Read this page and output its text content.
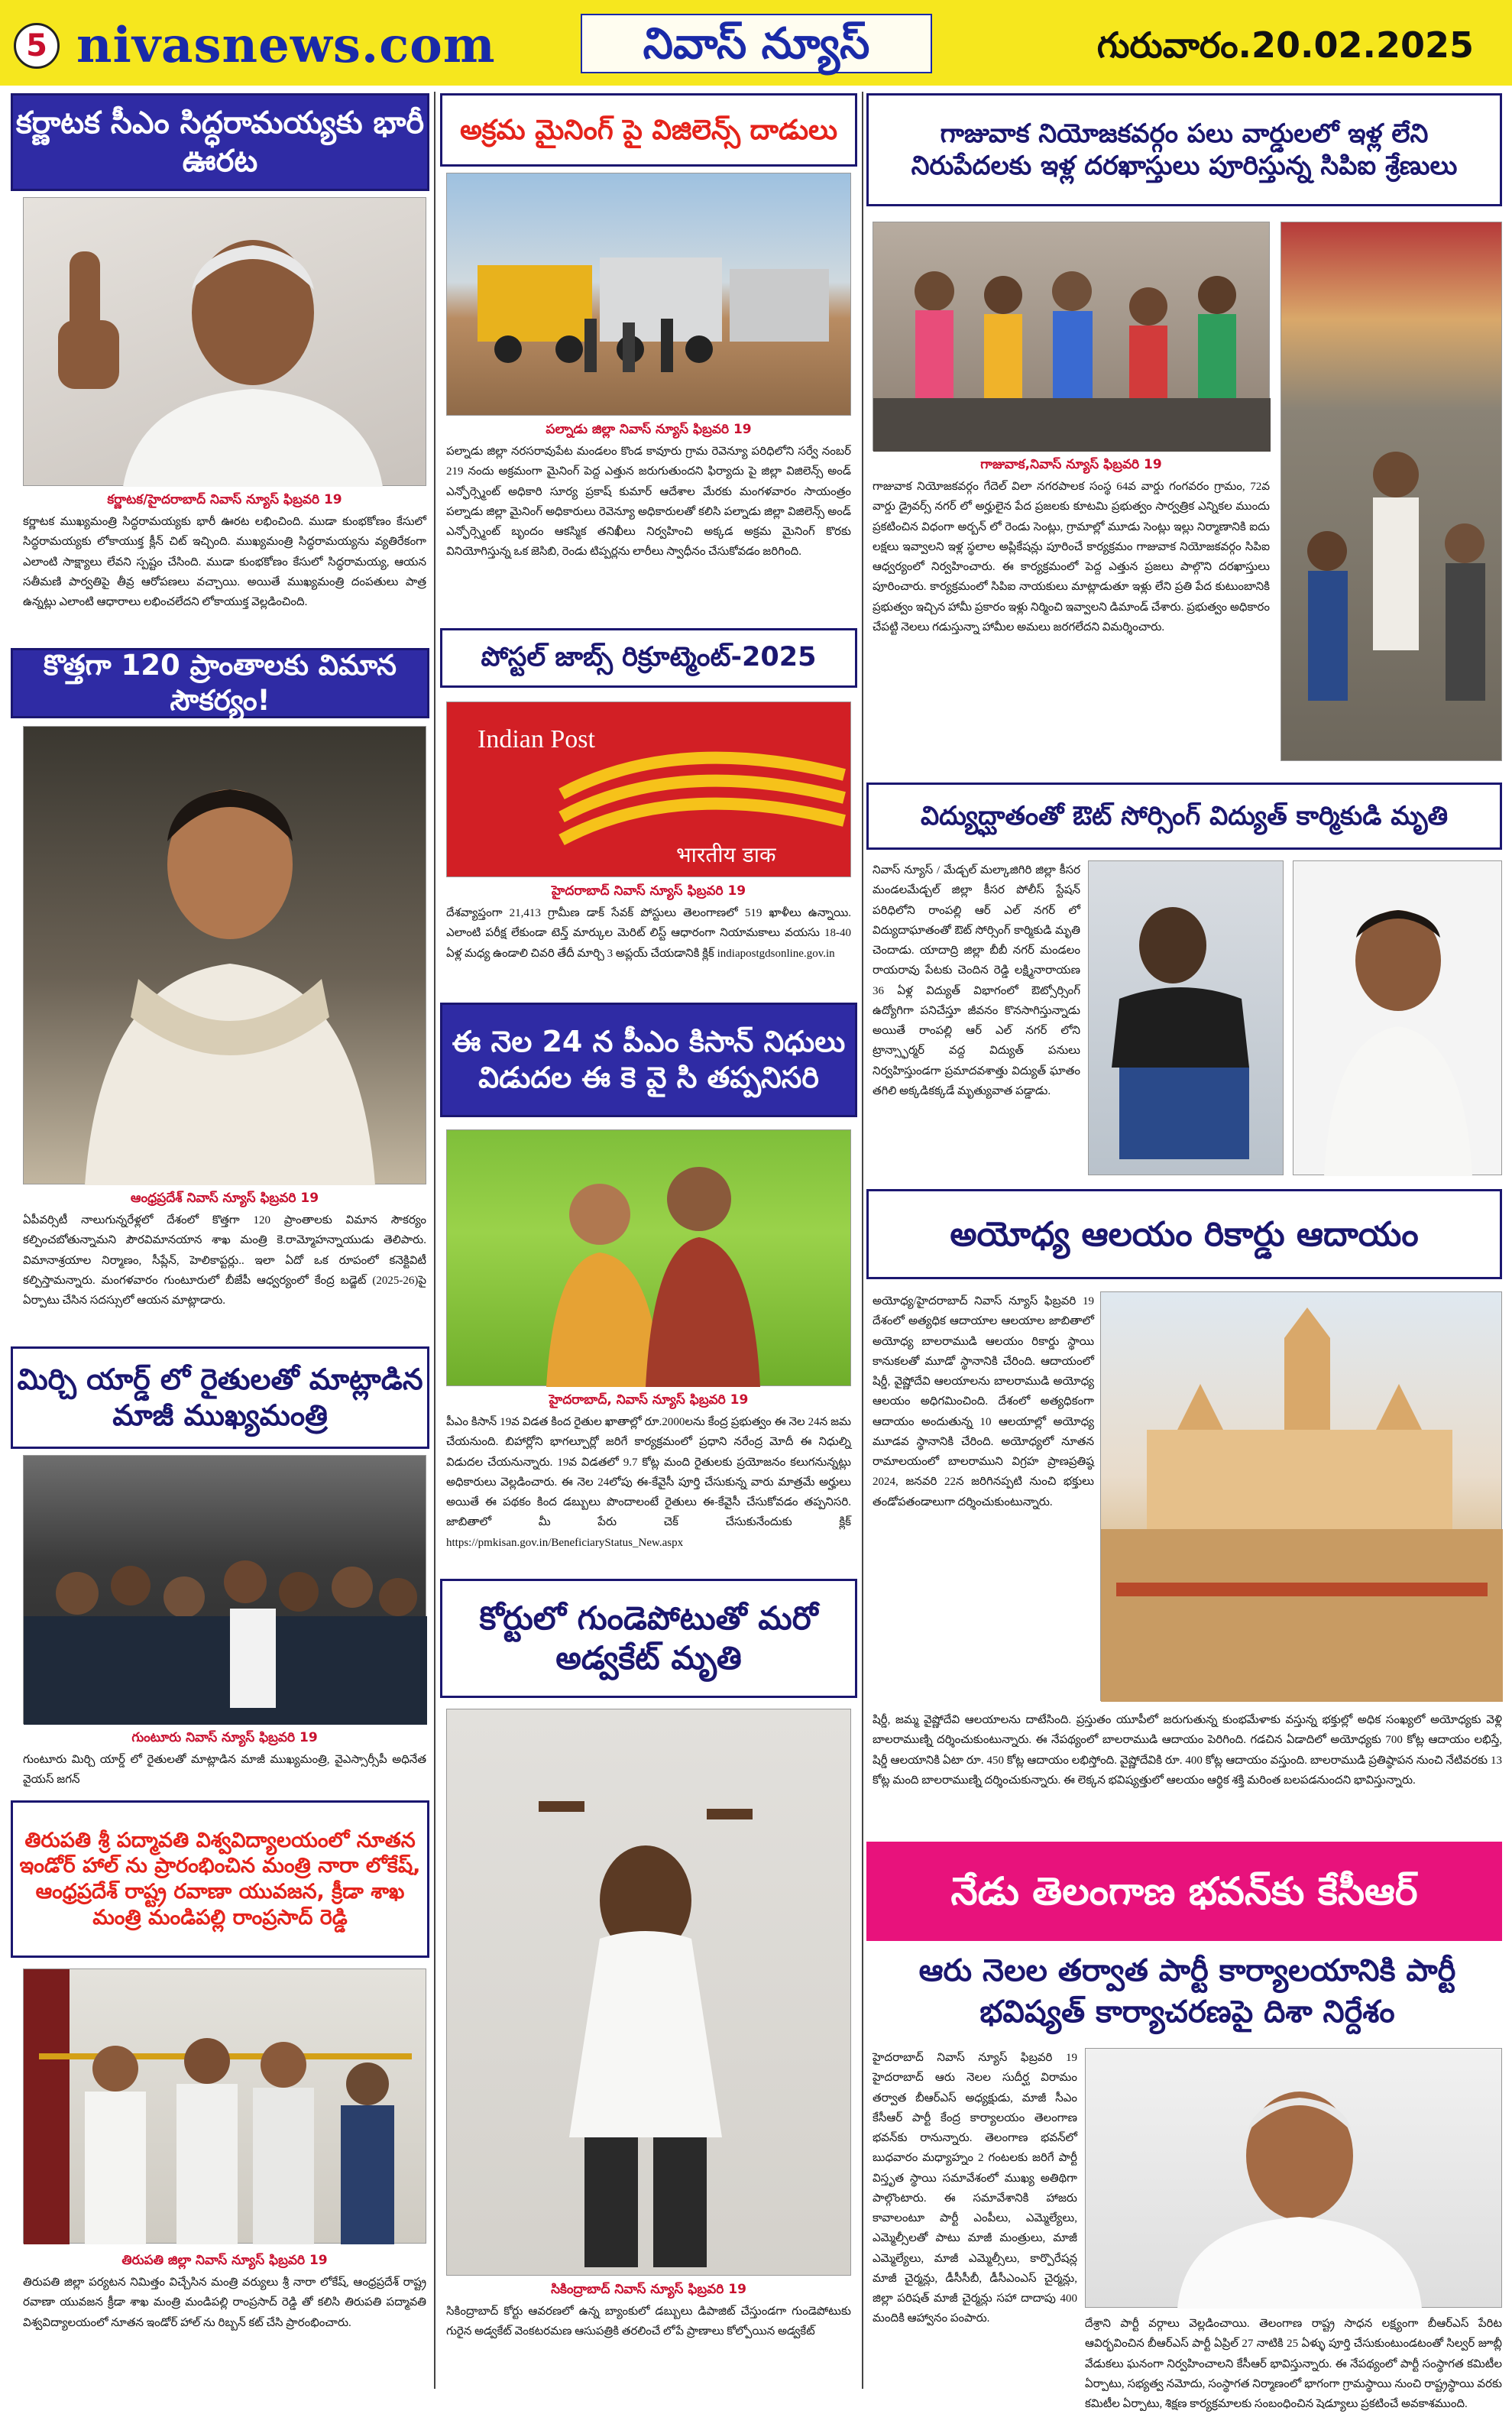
5 nivasnews.com	నివాస్ న్యూస్	గురువారం.20.02.2025
కర్ణాటక సీఎం సిద్ధరామయ్యకు భారీ ఊరట
కర్ణాటక/హైదరాబాద్ నివాస్ న్యూస్ ఫిబ్రవరి 19
కర్ణాటక ముఖ్యమంత్రి సిద్ధరామయ్యకు భారీ ఊరట లభించింది. ముడా కుంభకోణం కేసులో సిద్ధరామయ్యకు లోకాయుక్త క్లీన్ చిట్ ఇచ్చింది. ముఖ్యమంత్రి సిద్ధరామయ్యను వ్యతిరేకంగా ఎలాంటి సాక్ష్యాలు లేవని స్పష్టం చేసింది. ముడా కుంభకోణం కేసులో సిద్ధరామయ్య, ఆయన సతీమణి పార్వతిపై తీవ్ర ఆరోపణలు వచ్చాయి. అయితే ముఖ్యమంత్రి దంపతులు పాత్ర ఉన్నట్లు ఎలాంటి ఆధారాలు లభించలేదని లోకాయుక్త వెల్లడించింది.
కొత్తగా 120 ప్రాంతాలకు విమాన సౌకర్యం!
ఆంధ్రప్రదేశ్ నివాస్ న్యూస్ ఫిబ్రవరి 19
ఏపీవర్సిటీ నాలుగున్నరేళ్లలో దేశంలో కొత్తగా 120 ప్రాంతాలకు విమాన సౌకర్యం కల్పించబోతున్నామని పౌరవిమానయాన శాఖ మంత్రి కె.రామ్మోహన్నాయుడు తెలిపారు. విమానాశ్రయాల నిర్మాణం, సీప్లేన్, హెలికాప్టర్లు.. ఇలా ఏదో ఒక రూపంలో కనెక్టివిటీ కల్పిస్తామన్నారు. మంగళవారం గుంటూరులో బీజేపీ ఆధ్వర్యంలో కేంద్ర బడ్జెట్ (2025-26)పై ఏర్పాటు చేసిన సదస్సులో ఆయన మాట్లాడారు.
మిర్చి యార్డ్ లో రైతులతో మాట్లాడిన మాజీ ముఖ్యమంత్రి
గుంటూరు నివాస్ న్యూస్ ఫిబ్రవరి 19
గుంటూరు మిర్చి యార్డ్ లో రైతులతో మాట్లాడిన మాజీ ముఖ్యమంత్రి, వైఎస్సార్సీపీ అధినేత వైయస్ జగన్
తిరుపతి శ్రీ పద్మావతి విశ్వవిద్యాలయంలో నూతన ఇండోర్ హాల్ ను ప్రారంభించిన మంత్రి నారా లోకేష్, ఆంధ్రప్రదేశ్ రాష్ట్ర రవాణా యువజన, క్రీడా శాఖ మంత్రి మండిపల్లి రాంప్రసాద్ రెడ్డి
తిరుపతి జిల్లా నివాస్ న్యూస్ ఫిబ్రవరి 19
తిరుపతి జిల్లా పర్యటన నిమిత్తం విచ్చేసిన మంత్రి వర్యులు శ్రీ నారా లోకేష్, ఆంధ్రప్రదేశ్ రాష్ట్ర రవాణా యువజన క్రీడా శాఖ మంత్రి మండిపల్లి రాంప్రసాద్ రెడ్డి తో కలిసి తిరుపతి పద్మావతి విశ్వవిద్యాలయంలో నూతన ఇండోర్ హాల్ ను రిబ్బన్ కట్ చేసి ప్రారంభించారు.
అక్రమ మైనింగ్ పై విజిలెన్స్ దాడులు
పల్నాడు జిల్లా నివాస్ న్యూస్ ఫిబ్రవరి 19
పల్నాడు జిల్లా నరసరావుపేట మండలం కొండ కావూరు గ్రామ రెవెన్యూ పరిధిలోని సర్వే నంబర్ 219 నందు అక్రమంగా మైనింగ్ పెద్ద ఎత్తున జరుగుతుందని ఫిర్యాదు పై జిల్లా విజిలెన్స్ అండ్ ఎన్ఫోర్స్మెంట్ అధికారి సూర్య ప్రకాష్ కుమార్ ఆదేశాల మేరకు మంగళవారం సాయంత్రం పల్నాడు జిల్లా మైనింగ్ అధికారులు రెవెన్యూ అధికారులతో కలిసి పల్నాడు జిల్లా విజిలెన్స్ అండ్ ఎన్ఫోర్స్మెంట్ బృందం ఆకస్మిక తనిఖీలు నిర్వహించి అక్కడ అక్రమ మైనింగ్ కొరకు వినియోగిస్తున్న ఒక జెసిబి, రెండు టిప్పర్లను లారీలు స్వాధీనం చేసుకోవడం జరిగింది.
పోస్టల్ జాబ్స్ రిక్రూట్మెంట్-2025
Indian Post
भारतीय डाक
హైదరాబాద్ నివాస్ న్యూస్ ఫిబ్రవరి 19
దేశవ్యాప్తంగా 21,413 గ్రామీణ డాక్ సేవక్ పోస్టులు తెలంగాణలో 519 ఖాళీలు ఉన్నాయి. ఎలాంటి పరీక్ష లేకుండా టెన్త్ మార్కుల మెరిట్ లిస్ట్ ఆధారంగా నియామకాలు వయసు 18-40 ఏళ్ల మధ్య ఉండాలి చివరి తేదీ మార్చి 3 అప్లయ్ చేయడానికి క్లిక్ indiapostgdsonline.gov.in
ఈ నెల 24 న పీఎం కిసాన్ నిధులు విడుదల ఈ కె వై సి తప్పనిసరి
హైదరాబాద్, నివాస్ న్యూస్ ఫిబ్రవరి 19
పీఎం కిసాన్ 19వ విడత కింద రైతుల ఖాతాల్లో రూ.2000లను కేంద్ర ప్రభుత్వం ఈ నెల 24న జమ చేయనుంది. బిహార్లోని భాగల్పూర్లో జరిగే కార్యక్రమంలో ప్రధాని నరేంద్ర మోదీ ఈ నిధుల్ని విడుదల చేయనున్నారు. 19వ విడతలో 9.7 కోట్ల మంది రైతులకు ప్రయోజనం కలుగనున్నట్లు అధికారులు వెల్లడించారు. ఈ నెల 24లోపు ఈ-కేవైసీ పూర్తి చేసుకున్న వారు మాత్రమే అర్హులు అయితే ఈ పథకం కింద డబ్బులు పొందాలంటే రైతులు ఈ-కేవైసీ చేసుకోవడం తప్పనిసరి. జాబితాలో మీ పేరు చెక్ చేసుకునేందుకు క్లిక్ https://pmkisan.gov.in/BeneficiaryStatus_New.aspx
కోర్టులో గుండెపోటుతో మరో అడ్వకేట్ మృతి
సికింద్రాబాద్ నివాస్ న్యూస్ ఫిబ్రవరి 19
సికింద్రాబాద్ కోర్టు ఆవరణలో ఉన్న బ్యాంకులో డబ్బులు డిపాజిట్ చేస్తుండగా గుండెపోటుకు గురైన అడ్వకేట్ వెంకటరమణ ఆసుపత్రికి తరలించే లోపే ప్రాణాలు కోల్పోయిన అడ్వకేట్
గాజువాక నియోజకవర్గం పలు వార్డులలో ఇళ్ల లేని నిరుపేదలకు ఇళ్ల దరఖాస్తులు పూరిస్తున్న సిపిఐ శ్రేణులు
గాజువాక,నివాస్ న్యూస్ ఫిబ్రవరి 19
గాజువాక నియోజకవర్గం గేదెల్ విలా నగరపాలక సంస్థ 64వ వార్డు గంగవరం గ్రామం, 72వ వార్డు డ్రైవర్స్ నగర్ లో అర్హులైన పేద ప్రజలకు కూటమి ప్రభుత్వం సార్వత్రిక ఎన్నికల ముందు ప్రకటించిన విధంగా అర్బన్ లో రెండు సెంట్లు, గ్రామాల్లో మూడు సెంట్లు ఇల్లు నిర్మాణానికి ఐదు లక్షలు ఇవ్వాలని ఇళ్ల స్థలాల అప్లికేషన్లు పూరించే కార్యక్రమం గాజువాక నియోజకవర్గం సిపిఐ ఆధ్వర్యంలో నిర్వహించారు. ఈ కార్యక్రమంలో పెద్ద ఎత్తున ప్రజలు పాల్గొని దరఖాస్తులు పూరించారు. కార్యక్రమంలో సిపిఐ నాయకులు మాట్లాడుతూ ఇళ్లు లేని ప్రతి పేద కుటుంబానికి ప్రభుత్వం ఇచ్చిన హామీ ప్రకారం ఇళ్లు నిర్మించి ఇవ్వాలని డిమాండ్ చేశారు. ప్రభుత్వం అధికారం చేపట్టి నెలలు గడుస్తున్నా హామీల అమలు జరగలేదని విమర్శించారు.
విద్యుద్ఘాతంతో ఔట్ సోర్సింగ్ విద్యుత్ కార్మికుడి మృతి
నివాస్ న్యూస్ / మేడ్చల్ మల్కాజిగిరి జిల్లా కీసర మండలమేడ్చల్ జిల్లా కీసర పోలీస్ స్టేషన్ పరిధిలోని రాంపల్లి ఆర్ ఎల్ నగర్ లో విద్యుదాఘాతంతో ఔట్ సోర్సింగ్ కార్మికుడి మృతి చెందాడు. యాదాద్రి జిల్లా బీబీ నగర్ మండలం రాయరావు పేటకు చెందిన రెడ్డి లక్ష్మినారాయణ 36 ఏళ్ల విద్యుత్ విభాగంలో ఔట్సోర్సింగ్ ఉద్యోగిగా పనిచేస్తూ జీవనం కొనసాగిస్తున్నాడు అయితే రాంపల్లి ఆర్ ఎల్ నగర్ లోని ట్రాన్స్ఫార్మర్ వద్ద విద్యుత్ పనులు నిర్వహిస్తుండగా ప్రమాదవశాత్తు విద్యుత్ ఘాతం తగిలి అక్కడికక్కడే మృత్యువాత పడ్డాడు.
అయోధ్య ఆలయం రికార్డు ఆదాయం
అయోధ్య/హైదరాబాద్ నివాస్ న్యూస్ ఫిబ్రవరి 19 దేశంలో అత్యధిక ఆదాయాల ఆలయాల జాబితాలో అయోధ్య బాలరాముడి ఆలయం రికార్డు స్థాయి కానుకలతో మూడో స్థానానికి చేరింది. ఆదాయంలో షిర్డీ, వైష్ణోదేవి ఆలయాలను బాలరాముడి అయోధ్య ఆలయం అధిగమించింది. దేశంలో అత్యధికంగా ఆదాయం అందుతున్న 10 ఆలయాల్లో అయోధ్య మూడవ స్థానానికి చేరింది. అయోధ్యలో నూతన రామాలయంలో బాలరాముని విగ్రహ ప్రాణప్రతిష్ఠ 2024, జనవరి 22న జరిగినప్పటి నుంచి భక్తులు తండోపతండాలుగా దర్శించుకుంటున్నారు.
షిర్డీ, జమ్మ వైష్ణోదేవి ఆలయాలను దాటేసింది. ప్రస్తుతం యూపీలో జరుగుతున్న కుంభమేళాకు వస్తున్న భక్తుల్లో అధిక సంఖ్యలో అయోధ్యకు వెళ్లి బాలరాముణ్ని దర్శించుకుంటున్నారు. ఈ నేపథ్యంలో బాలరాముడి ఆదాయం పెరిగింది. గడచిన ఏడాదిలో అయోధ్యకు 700 కోట్ల ఆదాయం లభిస్తే, షిర్డీ ఆలయానికి ఏటా రూ. 450 కోట్ల ఆదాయం లభిస్తోంది. వైష్ణోదేవికి రూ. 400 కోట్ల ఆదాయం వస్తుంది. బాలరాముడి ప్రతిష్ఠాపన నుంచి నేటివరకు 13 కోట్ల మంది బాలరాముణ్ని దర్శించుకున్నారు. ఈ లెక్కన భవిష్యత్తులో ఆలయం ఆర్థిక శక్తి మరింత బలపడనుందని భావిస్తున్నారు.
నేడు తెలంగాణ భవన్‌కు కేసీఆర్
ఆరు నెలల తర్వాత పార్టీ కార్యాలయానికి పార్టీ భవిష్యత్ కార్యాచరణపై దిశా నిర్దేశం
హైదరాబాద్ నివాస్ న్యూస్ ఫిబ్రవరి 19 హైదరాబాద్ ఆరు నెలల సుదీర్ఘ విరామం తర్వాత బీఆర్ఎస్ అధ్యక్షుడు, మాజీ సీఎం కేసీఆర్ పార్టీ కేంద్ర కార్యాలయం తెలంగాణ భవన్‌కు రానున్నారు. తెలంగాణ భవన్‌లో బుధవారం మధ్యాహ్నం 2 గంటలకు జరిగే పార్టీ విస్తృత స్థాయి సమావేశంలో ముఖ్య అతిథిగా పాల్గొంటారు. ఈ సమావేశానికి హాజరు కావాలంటూ పార్టీ ఎంపీలు, ఎమ్మెల్యేలు, ఎమ్మెల్సీలతో పాటు మాజీ మంత్రులు, మాజీ ఎమ్మెల్యేలు, మాజీ ఎమ్మెల్సీలు, కార్పొరేషన్ల మాజీ చైర్మన్లు, డీసీసీబీ, డీసీఎంఎస్ చైర్మన్లు, జిల్లా పరిషత్ మాజీ చైర్మన్లు సహా దాదాపు 400 మందికి ఆహ్వానం పంపారు.	దేశ్రాని పార్టీ వర్గాలు వెల్లడించాయి. తెలంగాణ రాష్ట్ర సాధన లక్ష్యంగా బీఆర్ఎస్ పేరిట ఆవిర్భవించిన బీఆర్ఎస్ పార్టీ ఏప్రిల్ 27 నాటికి 25 ఏళ్ళు పూర్తి చేసుకుంటుండటంతో సిల్వర్ జూబ్లీ వేడుకలు ఘనంగా నిర్వహించాలని కేసీఆర్ భావిస్తున్నారు. ఈ నేపథ్యంలో పార్టీ సంస్థాగత కమిటీల ఏర్పాటు, సభ్యత్వ నమోదు, సంస్థాగత నిర్మాణంలో భాగంగా గ్రామస్థాయి నుంచి రాష్ట్రస్థాయి వరకు కమిటీల ఏర్పాటు, శిక్షణ కార్యక్రమాలకు సంబంధించిన షెడ్యూలు ప్రకటించే అవకాశముంది.
